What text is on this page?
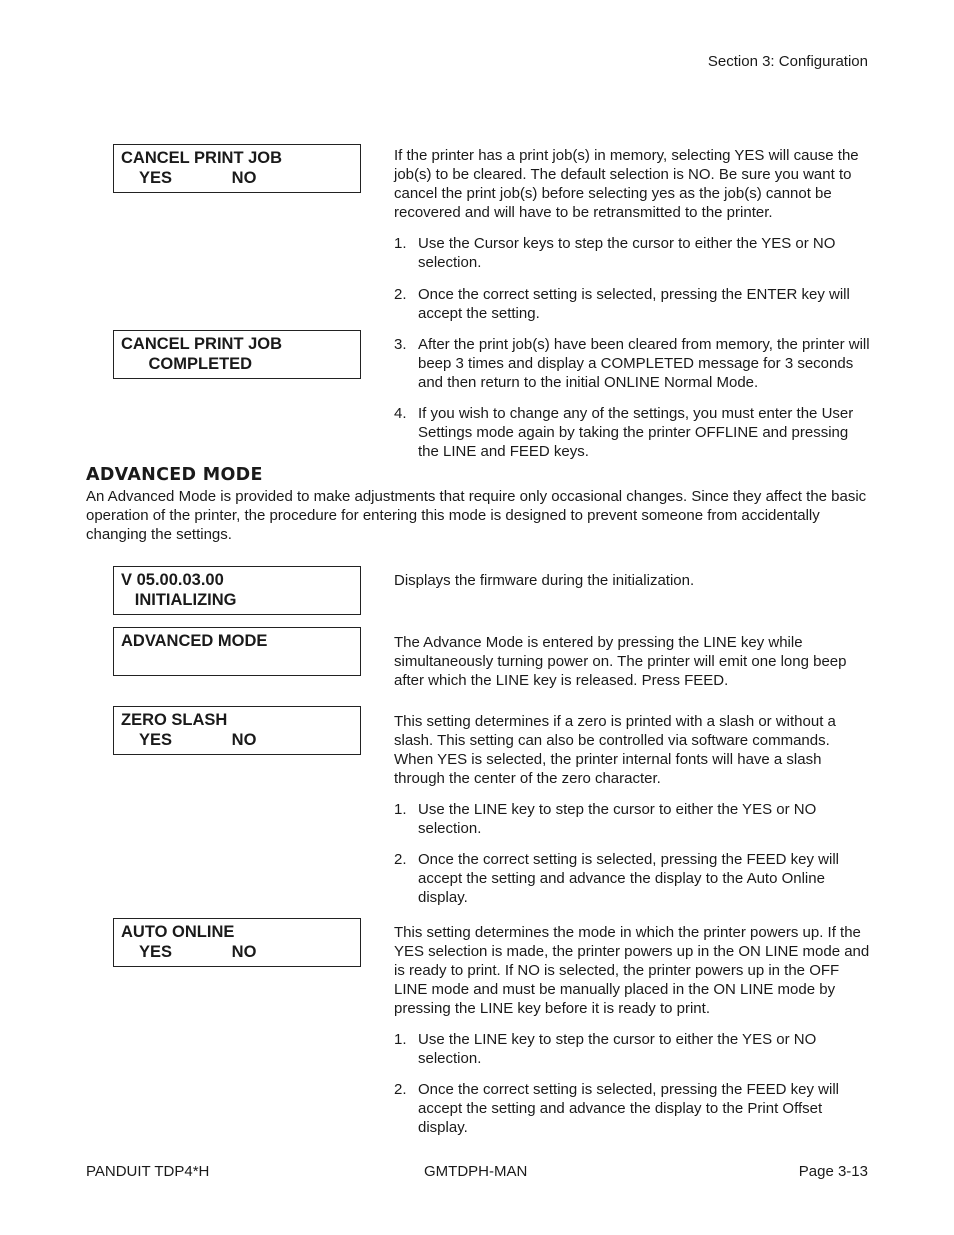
Section 3: Configuration
CANCEL PRINT JOB
YES             NO

If the printer has a print job(s) in memory, selecting YES will cause the job(s) to be cleared. The default selection is NO. Be sure you want to cancel the print job(s) before selecting yes as the job(s) cannot be recovered and will have to be retransmitted to the printer.

1. Use the Cursor keys to step the cursor to either the YES or NO selection.
2. Once the correct setting is selected, pressing the ENTER key will accept the setting.
CANCEL PRINT JOB
COMPLETED
3. After the print job(s) have been cleared from memory, the printer will beep 3 times and display a COMPLETED message for 3 seconds and then return to the initial ONLINE Normal Mode.
4. If you wish to change any of the settings, you must enter the User Settings mode again by taking the printer OFFLINE and pressing the LINE and FEED keys.
ADVANCED MODE
An Advanced Mode is provided to make adjustments that require only occasional changes. Since they affect the basic operation of the printer, the procedure for entering this mode is designed to prevent someone from accidentally changing the settings.
V 05.00.03.00
INITIALIZING

Displays the firmware during the initialization.

ADVANCED MODE	The Advance Mode is entered by pressing the LINE key while simultaneously turning power on. The printer will emit one long beep after which the LINE key is released. Press FEED.

ZERO SLASH
YES             NO

This setting determines if a zero is printed with a slash or without a slash. This setting can also be controlled via software commands. When YES is selected, the printer internal fonts will have a slash through the center of the zero character.

1. Use the LINE key to step the cursor to either the YES or NO selection.
2. Once the correct setting is selected, pressing the FEED key will accept the setting and advance the display to the Auto Online display.
AUTO ONLINE
YES             NO

This setting determines the mode in which the printer powers up. If the YES selection is made, the printer powers up in the ON LINE mode and is ready to print. If NO is selected, the printer powers up in the OFF LINE mode and must be manually placed in the ON LINE mode by pressing the LINE key before it is ready to print.

1. Use the LINE key to step the cursor to either the YES or NO selection.
2. Once the correct setting is selected, pressing the FEED key will accept the setting and advance the display to the Print Offset display.
PANDUIT TDP4*H	GMTDPH-MAN	Page 3-13
